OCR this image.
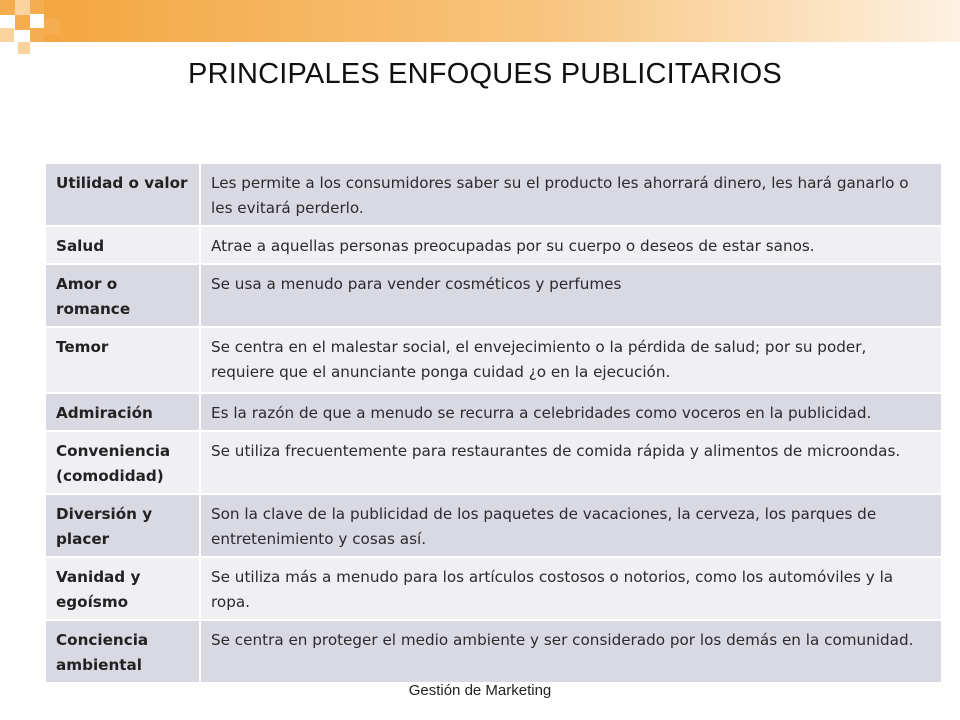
PRINCIPALES ENFOQUES PUBLICITARIOS
Utilidad o valor	Les permite a los consumidores saber su el producto les ahorrará dinero, les hará ganarlo o les evitará perderlo.
Salud	Atrae a aquellas personas preocupadas por su cuerpo o deseos de estar sanos.
Amor o romance	Se usa a menudo para vender cosméticos y perfumes
Temor	Se centra en el malestar social, el envejecimiento o la pérdida de salud; por su poder, requiere que el anunciante ponga cuidad ¿o en la ejecución.
Admiración	Es la razón de que a menudo se recurra a celebridades como voceros en la publicidad.
Conveniencia (comodidad)	Se utiliza frecuentemente para restaurantes de comida rápida y alimentos de microondas.
Diversión y placer	Son la clave de la publicidad de los paquetes de vacaciones, la cerveza, los parques de entretenimiento y cosas así.
Vanidad y egoísmo	Se utiliza más a menudo para los artículos costosos o notorios, como los automóviles y la ropa.
Conciencia ambiental	Se centra en proteger el medio ambiente y ser considerado por los demás en la comunidad.
Gestión de Marketing
